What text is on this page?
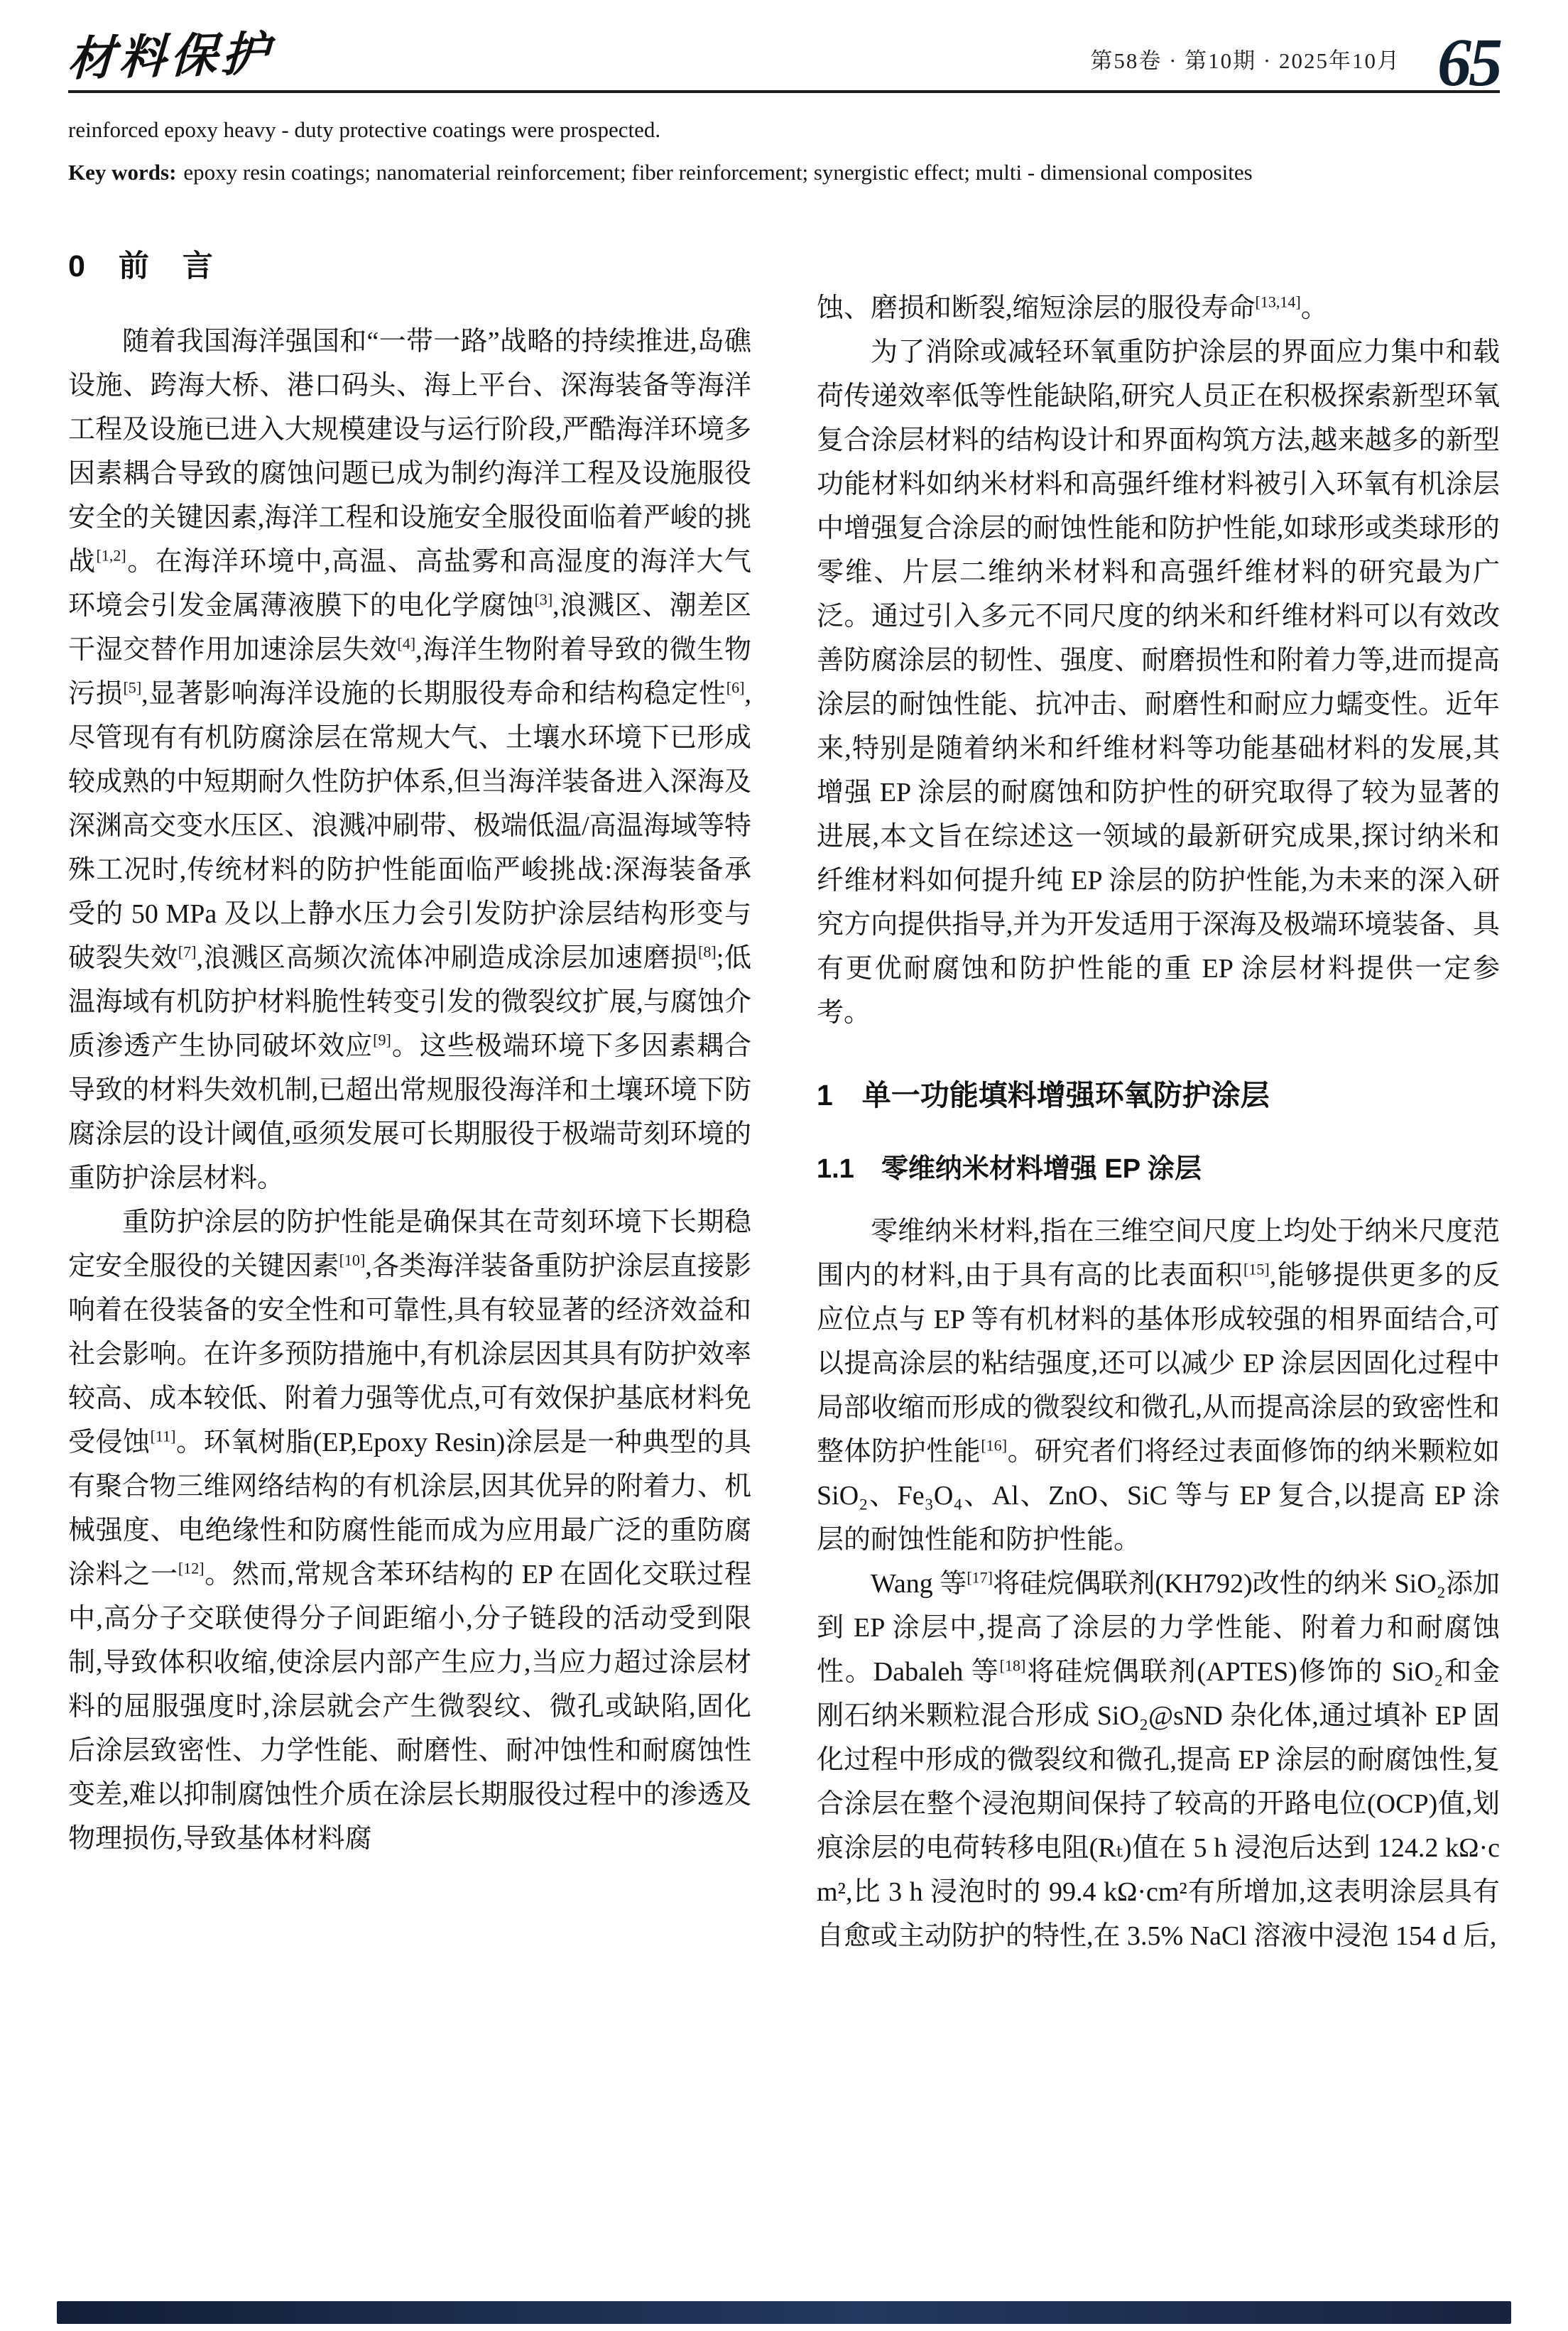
材料保护	第58卷 · 第10期 · 2025年10月 65

reinforced epoxy heavy - duty protective coatings were prospected.

Key words: epoxy resin coatings; nanomaterial reinforcement; fiber reinforcement; synergistic effect; multi - dimensional composites

0　前　言

随着我国海洋强国和“一带一路”战略的持续推进,岛礁设施、跨海大桥、港口码头、海上平台、深海装备等海洋工程及设施已进入大规模建设与运行阶段,严酷海洋环境多因素耦合导致的腐蚀问题已成为制约海洋工程及设施服役安全的关键因素,海洋工程和设施安全服役面临着严峻的挑战[1,2]。在海洋环境中,高温、高盐雾和高湿度的海洋大气环境会引发金属薄液膜下的电化学腐蚀[3],浪溅区、潮差区干湿交替作用加速涂层失效[4],海洋生物附着导致的微生物污损[5],显著影响海洋设施的长期服役寿命和结构稳定性[6],尽管现有有机防腐涂层在常规大气、土壤水环境下已形成较成熟的中短期耐久性防护体系,但当海洋装备进入深海及深渊高交变水压区、浪溅冲刷带、极端低温/高温海域等特殊工况时,传统材料的防护性能面临严峻挑战:深海装备承受的 50 MPa 及以上静水压力会引发防护涂层结构形变与破裂失效[7],浪溅区高频次流体冲刷造成涂层加速磨损[8];低温海域有机防护材料脆性转变引发的微裂纹扩展,与腐蚀介质渗透产生协同破坏效应[9]。这些极端环境下多因素耦合导致的材料失效机制,已超出常规服役海洋和土壤环境下防腐涂层的设计阈值,亟须发展可长期服役于极端苛刻环境的重防护涂层材料。

重防护涂层的防护性能是确保其在苛刻环境下长期稳定安全服役的关键因素[10],各类海洋装备重防护涂层直接影响着在役装备的安全性和可靠性,具有较显著的经济效益和社会影响。在许多预防措施中,有机涂层因其具有防护效率较高、成本较低、附着力强等优点,可有效保护基底材料免受侵蚀[11]。环氧树脂(EP,Epoxy Resin)涂层是一种典型的具有聚合物三维网络结构的有机涂层,因其优异的附着力、机械强度、电绝缘性和防腐性能而成为应用最广泛的重防腐涂料之一[12]。然而,常规含苯环结构的 EP 在固化交联过程中,高分子交联使得分子间距缩小,分子链段的活动受到限制,导致体积收缩,使涂层内部产生应力,当应力超过涂层材料的屈服强度时,涂层就会产生微裂纹、微孔或缺陷,固化后涂层致密性、力学性能、耐磨性、耐冲蚀性和耐腐蚀性变差,难以抑制腐蚀性介质在涂层长期服役过程中的渗透及物理损伤,导致基体材料腐

蚀、磨损和断裂,缩短涂层的服役寿命[13,14]。

为了消除或减轻环氧重防护涂层的界面应力集中和载荷传递效率低等性能缺陷,研究人员正在积极探索新型环氧复合涂层材料的结构设计和界面构筑方法,越来越多的新型功能材料如纳米材料和高强纤维材料被引入环氧有机涂层中增强复合涂层的耐蚀性能和防护性能,如球形或类球形的零维、片层二维纳米材料和高强纤维材料的研究最为广泛。通过引入多元不同尺度的纳米和纤维材料可以有效改善防腐涂层的韧性、强度、耐磨损性和附着力等,进而提高涂层的耐蚀性能、抗冲击、耐磨性和耐应力蠕变性。近年来,特别是随着纳米和纤维材料等功能基础材料的发展,其增强 EP 涂层的耐腐蚀和防护性的研究取得了较为显著的进展,本文旨在综述这一领域的最新研究成果,探讨纳米和纤维材料如何提升纯 EP 涂层的防护性能,为未来的深入研究方向提供指导,并为开发适用于深海及极端环境装备、具有更优耐腐蚀和防护性能的重 EP 涂层材料提供一定参考。

1　单一功能填料增强环氧防护涂层
1.1　零维纳米材料增强 EP 涂层

零维纳米材料,指在三维空间尺度上均处于纳米尺度范围内的材料,由于具有高的比表面积[15],能够提供更多的反应位点与 EP 等有机材料的基体形成较强的相界面结合,可以提高涂层的粘结强度,还可以减少 EP 涂层因固化过程中局部收缩而形成的微裂纹和微孔,从而提高涂层的致密性和整体防护性能[16]。研究者们将经过表面修饰的纳米颗粒如 SiO₂、Fe₃O₄、Al、ZnO、SiC 等与 EP 复合,以提高 EP 涂层的耐蚀性能和防护性能。

Wang 等[17]将硅烷偶联剂(KH792)改性的纳米 SiO₂添加到 EP 涂层中,提高了涂层的力学性能、附着力和耐腐蚀性。Dabaleh 等[18]将硅烷偶联剂(APTES)修饰的 SiO₂和金刚石纳米颗粒混合形成 SiO₂@sND 杂化体,通过填补 EP 固化过程中形成的微裂纹和微孔,提高 EP 涂层的耐腐蚀性,复合涂层在整个浸泡期间保持了较高的开路电位(OCP)值,划痕涂层的电荷转移电阻(Rₜ)值在 5 h 浸泡后达到 124.2 kΩ·cm²,比 3 h 浸泡时的 99.4 kΩ·cm²有所增加,这表明涂层具有自愈或主动防护的特性,在 3.5% NaCl 溶液中浸泡 154 d 后,
